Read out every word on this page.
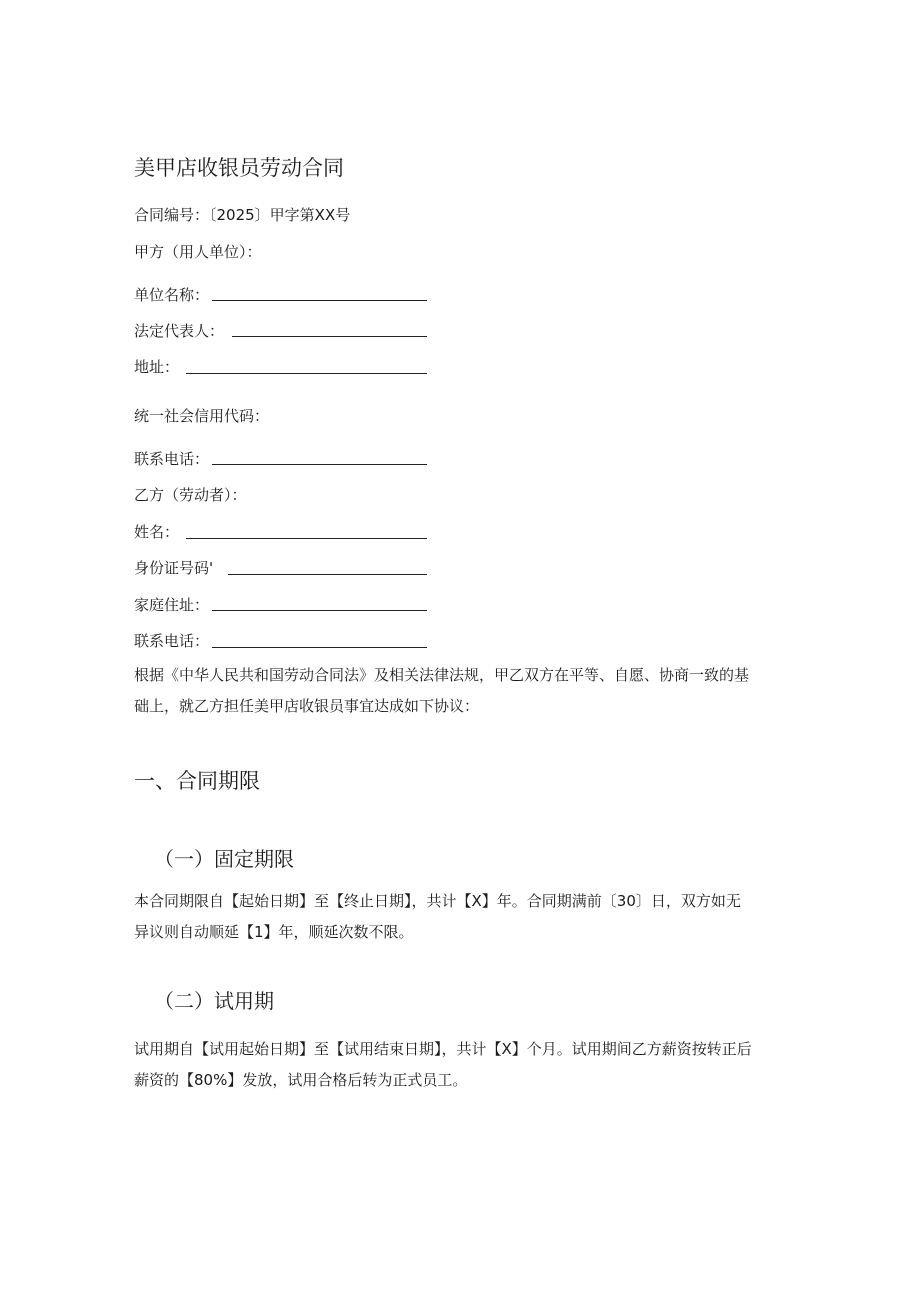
美甲店收银员劳动合同
合同编号：〔2025〕甲字第XX号
甲方（用人单位）：
单位名称：
法定代表人：
地址：
统一社会信用代码：
联系电话：
乙方（劳动者）：
姓名：
身份证号码'
家庭住址：
联系电话：
根据《中华人民共和国劳动合同法》及相关法律法规，甲乙双方在平等、自愿、协商一致的基
础上，就乙方担任美甲店收银员事宜达成如下协议：
一、合同期限
（一）固定期限
本合同期限自【起始日期】至【终止日期】，共计【X】年。合同期满前〔30〕日，双方如无
异议则自动顺延【1】年，顺延次数不限。
（二）试用期
试用期自【试用起始日期】至【试用结束日期】，共计【X】个月。试用期间乙方薪资按转正后
薪资的【80%】发放，试用合格后转为正式员工。
